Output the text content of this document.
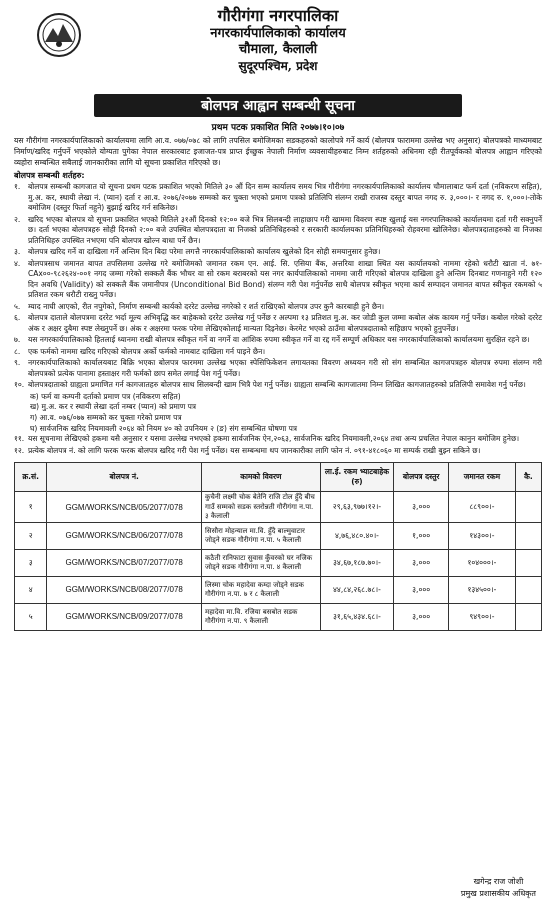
गौरीगंगा नगरपालिका
नगरकार्यपालिकाको कार्यालय
चौमाला, कैलाली
सुदूरपश्चिम, प्रदेश
बोलपत्र आह्वान सम्बन्धी सूचना
प्रथम पटक प्रकाशित मिति २०७७।१०।०७
यस गौरीगंगा नगरकार्यपालिकाको कार्यालयमा लागि आ.व. ०७७/०७८ को लागि तपसिल बमोजिमका सडकहरुको कालोपत्रे गर्ने कार्य (बोलपत्र फाराममा उल्लेख भए अनुसार) बोलपत्रको माध्यमबाट निर्माण/खरिद गर्नुपर्ने भएकोले योग्यता पुगेका नेपाल सरकारबाट इजाजत-पत्र प्राप्त ईच्छुक नेपाली निर्माण व्यवसायीहरुबाट निम्न शर्तहरुको अधिनमा रही रीतपूर्वकको बोलपत्र आह्वान गरिएको व्यहोरा सम्बन्धित सबैलाई जानकारीका लागि यो सूचना प्रकाशित गरिएको छ।
बोलपत्र सम्बन्धी शर्तहरु:
१.	बोलपत्र सम्बन्धी कागजात यो सूचना प्रथम पटक प्रकाशित भएको मितिले ३० औं दिन सम्म कार्यालय समय भित्र गौरीगंगा नगरकार्यपालिकाको कार्यालय चौमालाबाट फर्म दर्ता (नविकरण सहित), मु.अ. कर, स्थायी लेखा नं. (प्यान) दर्ता र आ.व. २०७६/२०७७ सम्मको कर चुक्ता भएको प्रमाण पत्रको प्रतिलिपि संलग्न राखी राजस्व दस्तुर बापत नगद रु. ३,०००।- र नगद रु. १,०००।-तोके बमोजिम (दस्तुर फिर्ता नहुने) बुझाई खरिद गर्न सकिनेछ।
२.	खरिद भएका बोलपत्र यो सूचना प्रकाशित भएको मितिले ३१औं दिनको १२:०० बजे भित्र सिलबन्दी लाहाछाप गरी खाममा विवरण स्पष्ट खुलाई यस नगरपालिकाको कार्यालयमा दर्ता गरी सक्नुपर्ने छ। दर्ता भएका बोलपत्रहरु सोही दिनको २:०० बजे उपस्थित बोलपत्रदाता वा निजको प्रतिनिधिहरुको र सरकारी कार्यालयका प्रतिनिधिहरुको रोहवरमा खोलिनेछ। बोलपत्रदाताहरुको वा निजका प्रतिनिधिहरु उपस्थित नभएमा पनि बोलपत्र खोल्न बाधा पर्ने छैन।
३.	बोलपत्र खरिद गर्ने वा दाखिला गर्ने अन्तिम दिन बिदा परेमा लगत्तै नगरकार्यपालिकाको कार्यालय खुलेको दिन सोही समयानुसार हुनेछ।
४.	बोलपत्रसाथ जमानत बापत तपसिलमा उल्लेख गरे बमोजिमको जमानत रकम एन. आई. सि. एसिया बैंक, अत्तरिया शाखा स्थित यस कार्यालयको नाममा रहेको धरौटी खाता नं. ७१-CAx००-९८२६२४-००१ नगद जम्मा गरेको सक्कलै बैंक भौचर वा सो रकम बराबरको यस नगर कार्यपालिकाको नाममा जारी गरिएको बोलपत्र दाखिला हुने अन्तिम दिनबाट गणनाहुने गरी १२० दिन अवधि (Validity) को सक्कलै बैंक जमानीपत्र (Unconditional Bid Bond) संलग्न गरी पेश गर्नुपर्नेछ साथै बोलपत्र स्वीकृत भएमा कार्य सम्पादन जमानत बापत स्वीकृत रकमको ५ प्रतिशत रकम धरौटी राख्नु पर्नेछ।
५.	म्याद नाघी आएको, रीत नपुगेको, निर्माण सम्बन्धी कार्यको दररेट उल्लेख नगरेको र शर्त राखिएको बोलपत्र उपर कुनै कारबाही हुने छैन।
६.	बोलपत्र दाताले बोलपत्रमा दररेट भर्दा मूल्य अभिवृद्धि कर बाहेकको दररेट उल्लेख गर्नु पर्नेछ र अल्पमा १३ प्रतिशत मु.अ. कर जोडी कुल जम्मा कबोल अंक कायम गर्नु पर्नेछ। कबोल गरेको दररेट अंक र अक्षर दुबैमा स्पष्ट लेख्नुपर्ने छ। अंक र अक्षरमा फरक परेमा लेखिएकोलाई मान्यता दिइनेछ। केरमेट भएको ठाउँमा बोलपत्रदाताको सहिछाप भएको हुनुपर्नेछ।
७.	यस नगरकार्यपालिकाको हितलाई ध्यानमा राखी बोलपत्र स्वीकृत गर्ने वा नगर्ने वा आंशिक रुपमा स्वीकृत गर्ने वा रद्द गर्ने सम्पूर्ण अधिकार यस नगरकार्यपालिकाको कार्यालयमा सुरक्षित रहने छ।
८.	एक फर्मको नाममा खरिद गरिएको बोलपत्र अर्को फर्मको नामबाट दाखिला गर्न पाइने छैन।
९.	नगरकार्यपालिकाको कार्यालयबाट बिक्रि भएका बोलपत्र फारममा उल्लेख भएका स्पेसिफिकेशन लगायतका विवरण अध्ययन गरी सो संग सम्बन्धित कागजपत्रहरु बोलपत्र रुपमा संलग्न गरी बोलपत्रको प्रत्येक पानामा हस्ताक्षर गरी फर्मको छाप समेत लगाई पेश गर्नु पर्नेछ।
१०. बोलपत्रदाताको ग्राह्यता प्रमाणित गर्न कागजातहरु बोलपत्र साथ सिलबन्दी खाम भित्रै पेश गर्नु पर्नेछ। ग्राह्यता सम्बन्धि कागजातमा निम्न लिखित कागजातहरुको प्रतिलिपी समावेश गर्नु पर्नेछ।
क) फर्म वा कम्पनी दर्ताको प्रमाण पत्र (नविकरण सहित)
ख) मु.अ. कर र स्थायी लेखा दर्ता नम्बर (प्यान) को प्रमाण पत्र
ग) आ.व. ०७६/०७७ सम्मको कर चुक्ता गरेको प्रमाण पत्र
घ) सार्वजनिक खरिद नियमावली २०६४ को नियम ४० को उपनियम २ (ङ) संग सम्बन्धित घोषणा पत्र
११. यस सूचनामा लेखिएको हकमा यसै अनुसार र यसमा उल्लेख नभएको हकमा सार्वजनिक ऐन,२०६३, सार्वजनिक खरिद नियमावली,२०६४ तथा अन्य प्रचलित नेपाल कानुन बमोजिम हुनेछ।
१२. प्रत्येक बोलपत्र नं. को लागि फरक फरक बोलपत्र खरिद गरी पेश गर्नु पर्नेछ। यस सम्बन्धमा थप जानकारीका लागि फोन नं. ०९१-४१८०६० मा सम्पर्क राखी बुझ्न सकिने छ।
क्र.सं.	बोलपत्र नं.	कामको विवरण	ला.ई. रकम भ्याटबाहेक (रु)	बोलपत्र दस्तुर	जमानत रकम	कै.
१	GGM/WORKS/NCB/05/2077/078	कुचैनी लक्ष्मी चोक बेतेनि राजि टोल हुँदै बीच गाउँ सम्मको सडक स्तरोन्नती गौरीगंगा न.पा. ३ कैलाली	२९,६३,९७७।१२।-	३,०००	८८९००।-	
२	GGM/WORKS/NCB/06/2077/078	सिसौरा मोहन्याल मा.वि. हुँदै बाल्मुवाटार जोड्ने सडक गौरीगंगा न.पा. ५ कैलाली	४,७६,४८०.४०।-	१,०००	१४३००।-	
३	GGM/WORKS/NCB/07/2077/078	कठैती रानिफाटा सुवास कुँवरको घर नजिक जोड्ने सडक गौरीगंगा न.पा. ४ कैलाली	३४,६७,१८७.७०।-	३,०००	१०४०००।-	
४	GGM/WORKS/NCB/08/2077/078	लिस्मा चोक महादेवा कम्दा जोड्ने सडक गौरीगंगा न.पा. ७ र ८ कैलाली	४४,८४,२६८.७८।-	३,०००	१३४५००।-	
५	GGM/WORKS/NCB/09/2077/078	महादेवा मा.वि. रजिया बसबोत सडक गौरीगंगा न.पा. ९ कैलाली	३१,६५,४३४.६८।-	३,०००	९४९००।-	
खगेन्द्र राज जोशी
प्रमुख प्रशासकीय अधिकृत
